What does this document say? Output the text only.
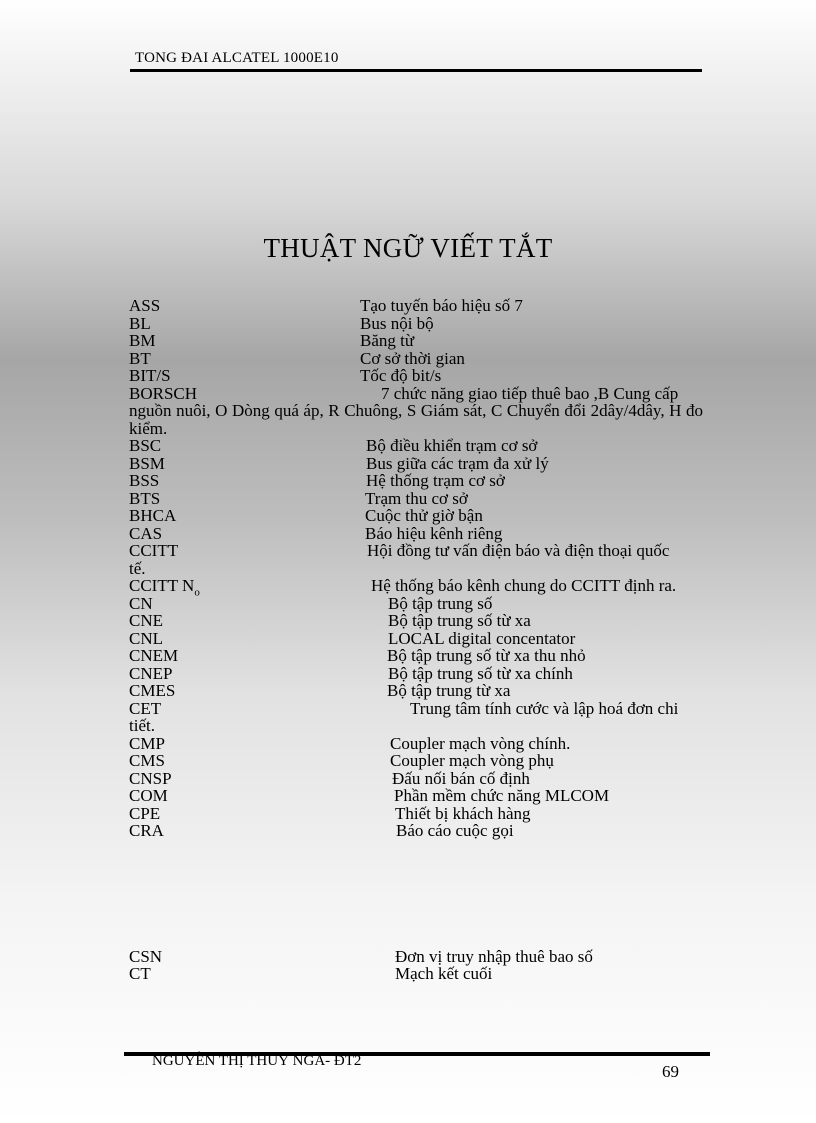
TONG ĐAI ALCATEL 1000E10
THUẬT NGỮ VIẾT TẮT
ASS	Tạo tuyến báo hiệu số 7
BL	Bus nội bộ
BM	Băng từ
BT	Cơ sở thời gian
BIT/S	Tốc độ bit/s
BORSCH	7 chức năng giao tiếp thuê bao ,B Cung cấp
nguồn nuôi, O Dòng quá áp, R Chuông, S Giám sát, C Chuyển đổi 2dây/4dây, H đo kiểm.
BSC	Bộ điều khiển trạm cơ sở
BSM	Bus giữa các trạm đa xử lý
BSS	Hệ thống trạm cơ sở
BTS	Trạm thu cơ sở
BHCA	Cuộc thử giờ bận
CAS	Báo hiệu kênh riêng
CCITT	Hội đồng tư vấn điện báo và điện thoại quốc
tế.
CCITT $N_o$	Hệ thống báo kênh chung do CCITT định ra.
CN	Bộ tập trung số
CNE	Bộ tập trung số từ xa
CNL	LOCAL digital concentator
CNEM	Bộ tập trung số từ xa thu nhỏ
CNEP	Bộ tập trung số từ xa chính
CMES	Bộ tập trung từ xa
CET	Trung tâm tính cước và lập hoá đơn chi
tiết.
CMP	Coupler mạch vòng chính.
CMS	Coupler mạch vòng phụ
CNSP	Đấu nối bán cố định
COM	Phần mềm chức năng MLCOM
CPE	Thiết bị khách hàng
CRA	Báo cáo cuộc gọi
CSN	Đơn vị truy nhập thuê bao số
CT	Mạch kết cuối
NGUYỄN THỊ THUÝ NGA- ĐT2
69
